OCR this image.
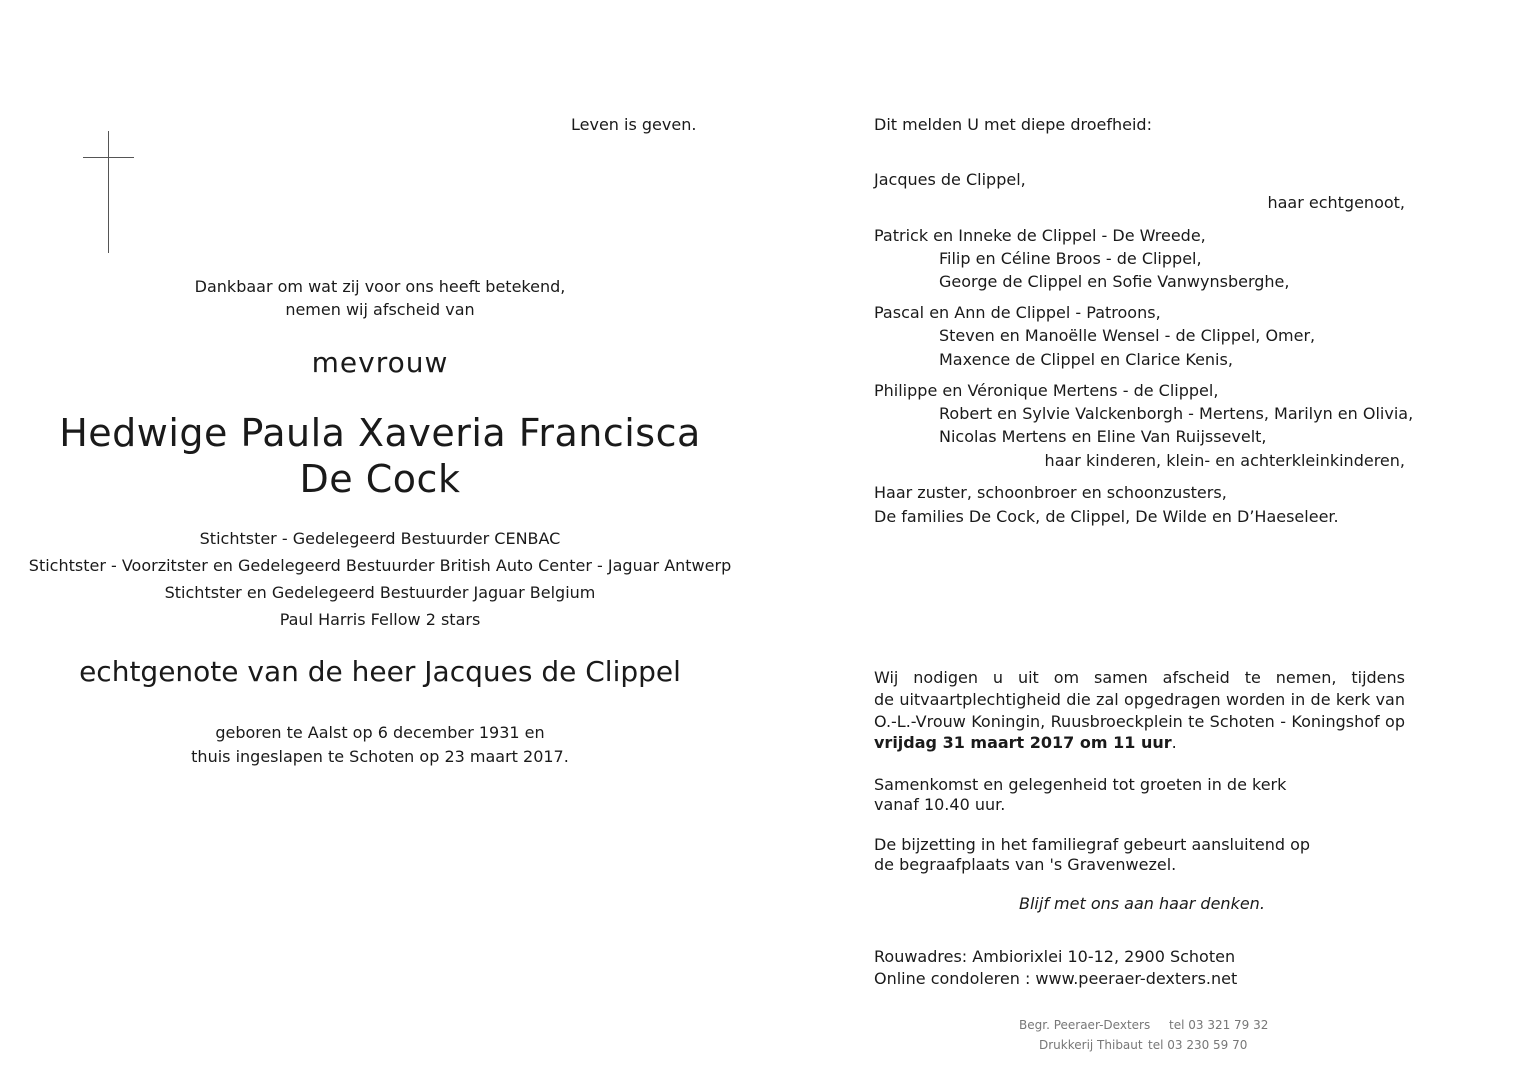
Leven is geven.
Dankbaar om wat zij voor ons heeft betekend,
nemen wij afscheid van
mevrouw
Hedwige Paula Xaveria Francisca
De Cock
Stichtster - Gedelegeerd Bestuurder CENBAC
Stichtster - Voorzitster en Gedelegeerd Bestuurder British Auto Center - Jaguar Antwerp
Stichtster en Gedelegeerd Bestuurder Jaguar Belgium
Paul Harris Fellow 2 stars
echtgenote van de heer Jacques de Clippel
geboren te Aalst op 6 december 1931 en
thuis ingeslapen te Schoten op 23 maart 2017.
Dit melden U met diepe droefheid:
Jacques de Clippel,
haar echtgenoot,
Patrick en Inneke de Clippel - De Wreede,
Filip en Céline Broos - de Clippel,
George de Clippel en Sofie Vanwynsberghe,
Pascal en Ann de Clippel - Patroons,
Steven en Manoëlle Wensel - de Clippel, Omer,
Maxence de Clippel en Clarice Kenis,
Philippe en Véronique Mertens - de Clippel,
Robert en Sylvie Valckenborgh - Mertens, Marilyn en Olivia,
Nicolas Mertens en Eline Van Ruijssevelt,
haar kinderen, klein- en achterkleinkinderen,
Haar zuster, schoonbroer en schoonzusters,
De families De Cock, de Clippel, De Wilde en D’Haeseleer.
Wij nodigen u uit om samen afscheid te nemen, tijdens
de uitvaartplechtigheid die zal opgedragen worden in de kerk van
O.-L.-Vrouw Koningin, Ruusbroeckplein te Schoten - Koningshof op
vrijdag 31 maart 2017 om 11 uur.
Samenkomst en gelegenheid tot groeten in de kerk
vanaf 10.40 uur.
De bijzetting in het familiegraf gebeurt aansluitend op
de begraafplaats van 's Gravenwezel.
Blijf met ons aan haar denken.
Rouwadres: Ambiorixlei 10-12, 2900 Schoten
Online condoleren : www.peeraer-dexters.net
Begr. Peeraer-Dexters tel 03 321 79 32
Drukkerij Thibaut tel 03 230 59 70
